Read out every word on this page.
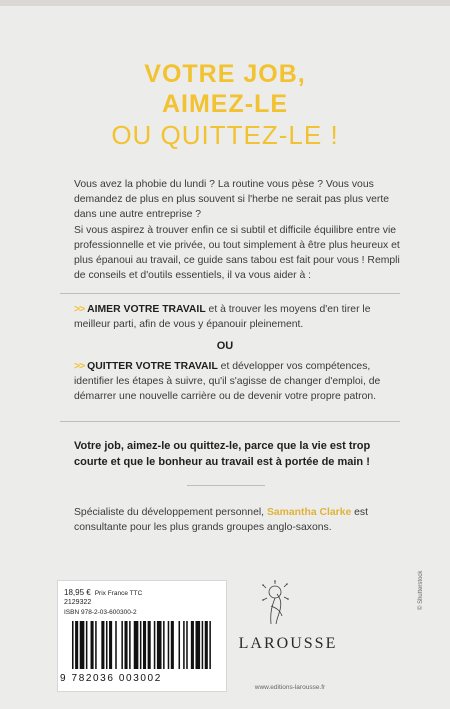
VOTRE JOB,
AIMEZ-LE
OU QUITTEZ-LE !

Vous avez la phobie du lundi ? La routine vous pèse ? Vous vous demandez de plus en plus souvent si l'herbe ne serait pas plus verte dans une autre entreprise ?

Si vous aspirez à trouver enfin ce si subtil et difficile équilibre entre vie professionnelle et vie privée, ou tout simplement à être plus heureux et plus épanoui au travail, ce guide sans tabou est fait pour vous ! Rempli de conseils et d'outils essentiels, il va vous aider à :

>> AIMER VOTRE TRAVAIL et à trouver les moyens d'en tirer le meilleur parti, afin de vous y épanouir pleinement.

OU

>> QUITTER VOTRE TRAVAIL et développer vos compétences, identifier les étapes à suivre, qu'il s'agisse de changer d'emploi, de démarrer une nouvelle carrière ou de devenir votre propre patron.

Votre job, aimez-le ou quittez-le, parce que la vie est trop courte et que le bonheur au travail est à portée de main !

Spécialiste du développement personnel, Samantha Clarke est consultante pour les plus grands groupes anglo-saxons.

18,95 € Prix France TTC
2129322
ISBN 978-2-03-600300-2
9 782036 003002
LAROUSSE
www.editions-larousse.fr
© Shutterstock
